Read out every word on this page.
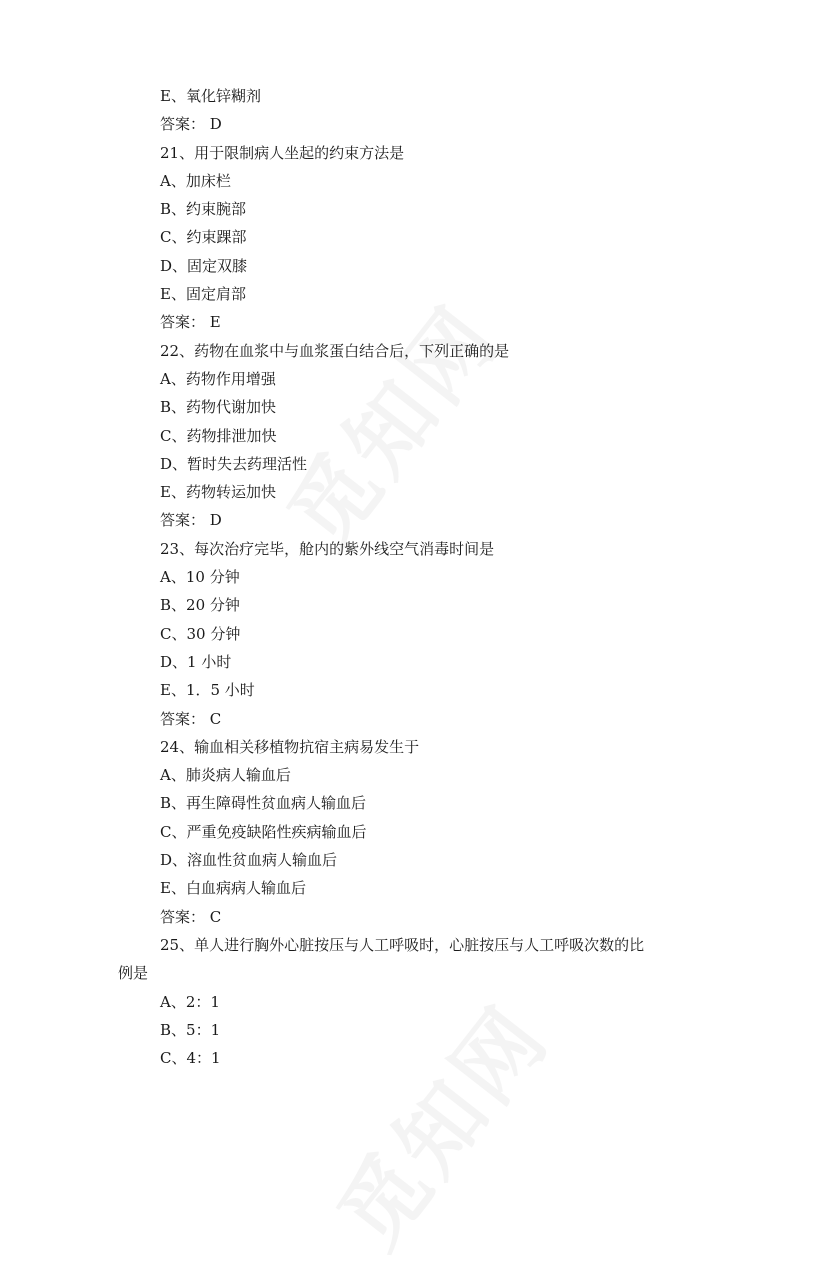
E、氧化锌糊剂
答案： D
21、用于限制病人坐起的约束方法是
A、加床栏
B、约束腕部
C、约束踝部
D、固定双膝
E、固定肩部
答案： E
22、药物在血浆中与血浆蛋白结合后，下列正确的是
A、药物作用增强
B、药物代谢加快
C、药物排泄加快
D、暂时失去药理活性
E、药物转运加快
答案： D
23、每次治疗完毕，舱内的紫外线空气消毒时间是
A、10 分钟
B、20 分钟
C、30 分钟
D、1 小时
E、1．5 小时
答案： C
24、输血相关移植物抗宿主病易发生于
A、肺炎病人输血后
B、再生障碍性贫血病人输血后
C、严重免疫缺陷性疾病输血后
D、溶血性贫血病人输血后
E、白血病病人输血后
答案： C
25、单人进行胸外心脏按压与人工呼吸时，心脏按压与人工呼吸次数的比
例是
A、2：1
B、5：1
C、4：1
